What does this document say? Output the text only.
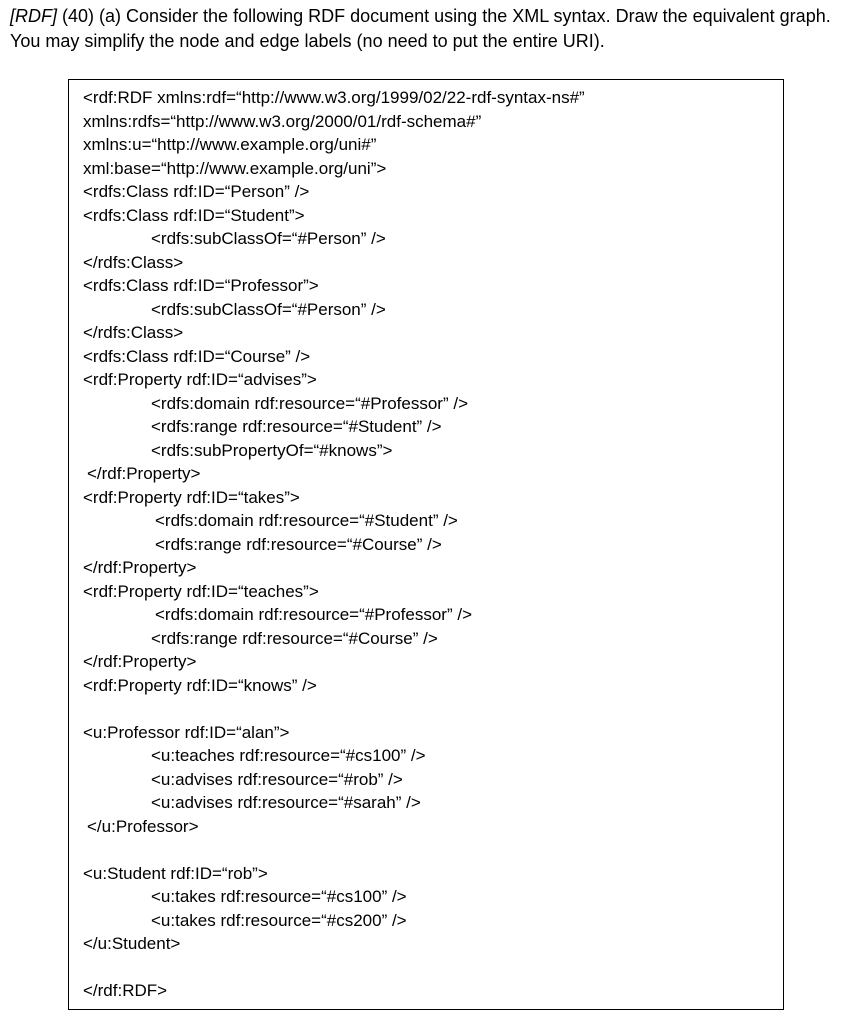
[RDF] (40) (a) Consider the following RDF document using the XML syntax. Draw the equivalent graph. You may simplify the node and edge labels (no need to put the entire URI).
<rdf:RDF xmlns:rdf=“http://www.w3.org/1999/02/22-rdf-syntax-ns#”
xmlns:rdfs=“http://www.w3.org/2000/01/rdf-schema#”
xmlns:u=“http://www.example.org/uni#”
xml:base=“http://www.example.org/uni”>
<rdfs:Class rdf:ID=“Person” />
<rdfs:Class rdf:ID=“Student”>
<rdfs:subClassOf=“#Person” />
</rdfs:Class>
<rdfs:Class rdf:ID=“Professor”>
<rdfs:subClassOf=“#Person” />
</rdfs:Class>
<rdfs:Class rdf:ID=“Course” />
<rdf:Property rdf:ID=“advises”>
<rdfs:domain rdf:resource=“#Professor” />
<rdfs:range rdf:resource=“#Student” />
<rdfs:subPropertyOf=“#knows”>
</rdf:Property>
<rdf:Property rdf:ID=“takes”>
<rdfs:domain rdf:resource=“#Student” />
<rdfs:range rdf:resource=“#Course” />
</rdf:Property>
<rdf:Property rdf:ID=“teaches”>
<rdfs:domain rdf:resource=“#Professor” />
<rdfs:range rdf:resource=“#Course” />
</rdf:Property>
<rdf:Property rdf:ID=“knows” />
<u:Professor rdf:ID=“alan”>
<u:teaches rdf:resource=“#cs100” />
<u:advises rdf:resource=“#rob” />
<u:advises rdf:resource=“#sarah” />
</u:Professor>
<u:Student rdf:ID=“rob”>
<u:takes rdf:resource=“#cs100” />
<u:takes rdf:resource=“#cs200” />
</u:Student>
</rdf:RDF>
